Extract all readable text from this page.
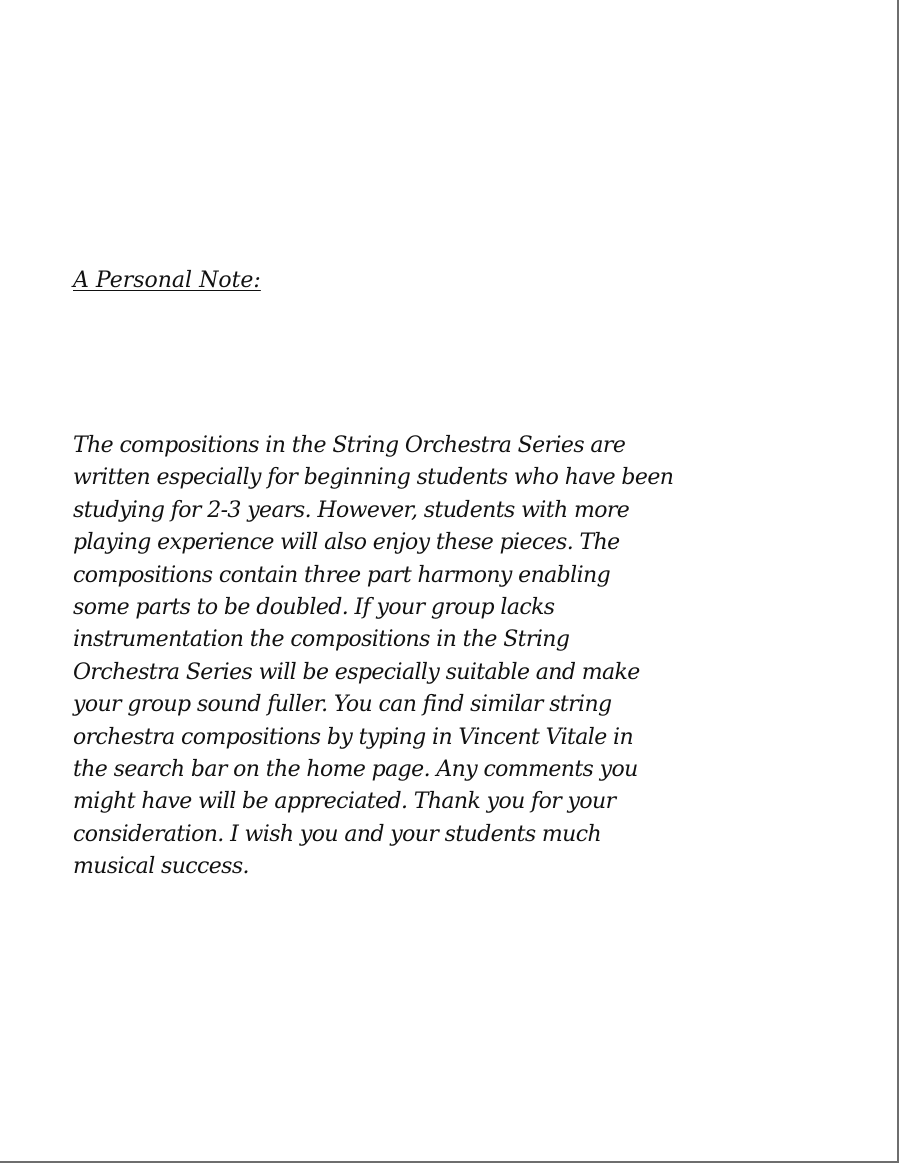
A Personal Note:
The compositions in the String Orchestra Series are
written especially for beginning students who have been
studying for 2-3 years. However, students with more
playing experience will also enjoy these pieces. The
compositions contain three part harmony enabling
some parts to be doubled. If your group lacks
instrumentation the compositions in the String
Orchestra Series will be especially suitable and make
your group sound fuller. You can find similar string
orchestra compositions by typing in Vincent Vitale in
the search bar on the home page. Any comments you
might have will be appreciated. Thank you for your
consideration. I wish you and your students much
musical success.
